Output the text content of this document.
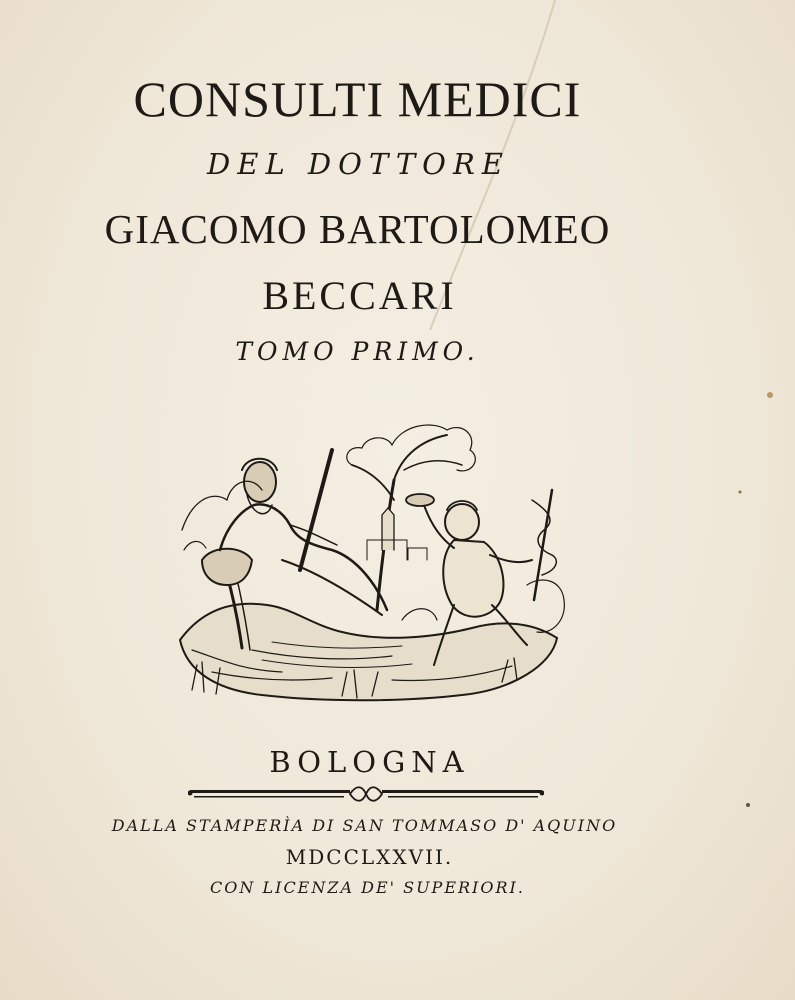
CONSULTI MEDICI
DEL DOTTORE
GIACOMO BARTOLOMEO
BECCARI
TOMO PRIMO.
BOLOGNA
DALLA STAMPERÌA DI SAN TOMMASO D' AQUINO
MDCCLXXVII.
CON LICENZA DE' SUPERIORI.
